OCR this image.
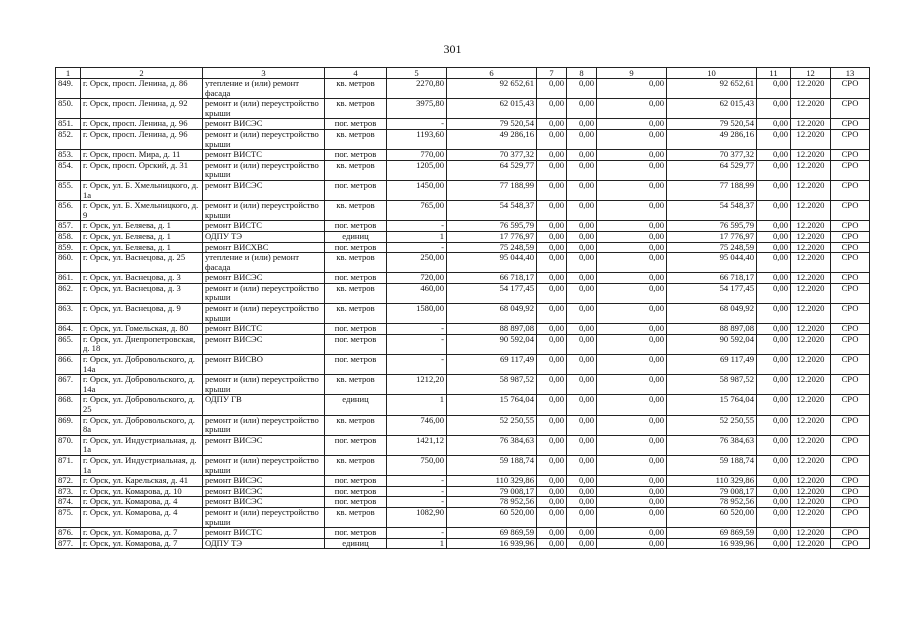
301
1	2	3	4	5	6	7	8	9	10	11	12	13
849.	г. Орск, просп. Ленина, д. 86	утепление и (или) ремонт фасада	кв. метров	2270,80	92 652,61	0,00	0,00	0,00	92 652,61	0,00	12.2020	СРО
850.	г. Орск, просп. Ленина, д. 92	ремонт и (или) переустройство крыши	кв. метров	3975,80	62 015,43	0,00	0,00	0,00	62 015,43	0,00	12.2020	СРО
851.	г. Орск, просп. Ленина, д. 96	ремонт ВИСЭС	пог. метров	-	79 520,54	0,00	0,00	0,00	79 520,54	0,00	12.2020	СРО
852.	г. Орск, просп. Ленина, д. 96	ремонт и (или) переустройство крыши	кв. метров	1193,60	49 286,16	0,00	0,00	0,00	49 286,16	0,00	12.2020	СРО
853.	г. Орск, просп. Мира, д. 11	ремонт ВИСТС	пог. метров	770,00	70 377,32	0,00	0,00	0,00	70 377,32	0,00	12.2020	СРО
854.	г. Орск, просп. Орский, д. 31	ремонт и (или) переустройство крыши	кв. метров	1205,00	64 529,77	0,00	0,00	0,00	64 529,77	0,00	12.2020	СРО
855.	г. Орск, ул. Б. Хмельницкого, д. 1а	ремонт ВИСЭС	пог. метров	1450,00	77 188,99	0,00	0,00	0,00	77 188,99	0,00	12.2020	СРО
856.	г. Орск, ул. Б. Хмельницкого, д. 9	ремонт и (или) переустройство крыши	кв. метров	765,00	54 548,37	0,00	0,00	0,00	54 548,37	0,00	12.2020	СРО
857.	г. Орск, ул. Беляева, д. 1	ремонт ВИСТС	пог. метров	-	76 595,79	0,00	0,00	0,00	76 595,79	0,00	12.2020	СРО
858.	г. Орск, ул. Беляева, д. 1	ОДПУ ТЭ	единиц	1	17 776,97	0,00	0,00	0,00	17 776,97	0,00	12.2020	СРО
859.	г. Орск, ул. Беляева, д. 1	ремонт ВИСХВС	пог. метров	-	75 248,59	0,00	0,00	0,00	75 248,59	0,00	12.2020	СРО
860.	г. Орск, ул. Васнецова, д. 25	утепление и (или) ремонт фасада	кв. метров	250,00	95 044,40	0,00	0,00	0,00	95 044,40	0,00	12.2020	СРО
861.	г. Орск, ул. Васнецова, д. 3	ремонт ВИСЭС	пог. метров	720,00	66 718,17	0,00	0,00	0,00	66 718,17	0,00	12.2020	СРО
862.	г. Орск, ул. Васнецова, д. 3	ремонт и (или) переустройство крыши	кв. метров	460,00	54 177,45	0,00	0,00	0,00	54 177,45	0,00	12.2020	СРО
863.	г. Орск, ул. Васнецова, д. 9	ремонт и (или) переустройство крыши	кв. метров	1580,00	68 049,92	0,00	0,00	0,00	68 049,92	0,00	12.2020	СРО
864.	г. Орск, ул. Гомельская, д. 80	ремонт ВИСТС	пог. метров	-	88 897,08	0,00	0,00	0,00	88 897,08	0,00	12.2020	СРО
865.	г. Орск, ул. Днепропетровская, д. 18	ремонт ВИСЭС	пог. метров	-	90 592,04	0,00	0,00	0,00	90 592,04	0,00	12.2020	СРО
866.	г. Орск, ул. Добровольского, д. 14а	ремонт ВИСВО	пог. метров	-	69 117,49	0,00	0,00	0,00	69 117,49	0,00	12.2020	СРО
867.	г. Орск, ул. Добровольского, д. 14а	ремонт и (или) переустройство крыши	кв. метров	1212,20	58 987,52	0,00	0,00	0,00	58 987,52	0,00	12.2020	СРО
868.	г. Орск, ул. Добровольского, д. 25	ОДПУ ГВ	единиц	1	15 764,04	0,00	0,00	0,00	15 764,04	0,00	12.2020	СРО
869.	г. Орск, ул. Добровольского, д. 8а	ремонт и (или) переустройство крыши	кв. метров	746,00	52 250,55	0,00	0,00	0,00	52 250,55	0,00	12.2020	СРО
870.	г. Орск, ул. Индустриальная, д. 1а	ремонт ВИСЭС	пог. метров	1421,12	76 384,63	0,00	0,00	0,00	76 384,63	0,00	12.2020	СРО
871.	г. Орск, ул. Индустриальная, д. 1а	ремонт и (или) переустройство крыши	кв. метров	750,00	59 188,74	0,00	0,00	0,00	59 188,74	0,00	12.2020	СРО
872.	г. Орск, ул. Карельская, д. 41	ремонт ВИСЭС	пог. метров	-	110 329,86	0,00	0,00	0,00	110 329,86	0,00	12.2020	СРО
873.	г. Орск, ул. Комарова, д. 10	ремонт ВИСЭС	пог. метров	-	79 008,17	0,00	0,00	0,00	79 008,17	0,00	12.2020	СРО
874.	г. Орск, ул. Комарова, д. 4	ремонт ВИСЭС	пог. метров	-	78 952,56	0,00	0,00	0,00	78 952,56	0,00	12.2020	СРО
875.	г. Орск, ул. Комарова, д. 4	ремонт и (или) переустройство крыши	кв. метров	1082,90	60 520,00	0,00	0,00	0,00	60 520,00	0,00	12.2020	СРО
876.	г. Орск, ул. Комарова, д. 7	ремонт ВИСТС	пог. метров	-	69 869,59	0,00	0,00	0,00	69 869,59	0,00	12.2020	СРО
877.	г. Орск, ул. Комарова, д. 7	ОДПУ ТЭ	единиц	1	16 939,96	0,00	0,00	0,00	16 939,96	0,00	12.2020	СРО
